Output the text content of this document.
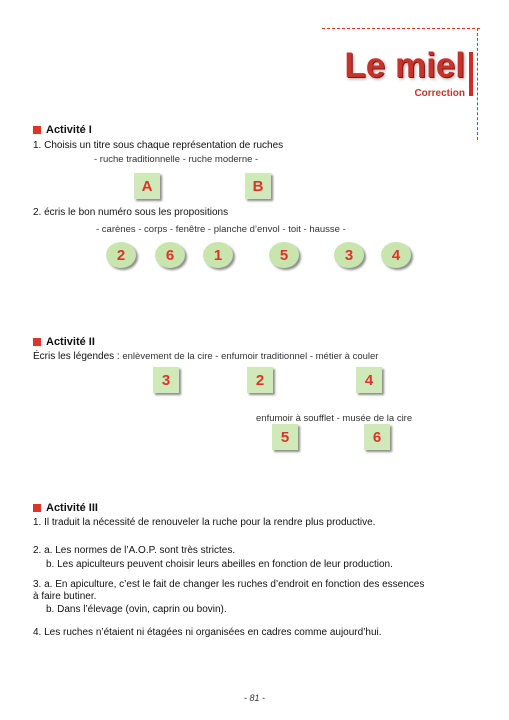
Le miel
Correction
Activité I
1. Choisis un titre sous chaque représentation de ruches
- ruche traditionnelle - ruche moderne -
A	B
2. écris le bon numéro sous les propositions
- carènes - corps - fenêtre - planche d’envol - toit - hausse -
2	6	1	5	3	4
Activité II
Écris les légendes : enlèvement de la cire - enfumoir traditionnel - métier à couler
3	2	4
enfumoir à soufflet - musée de la cire
5	6
Activité III
1. Il traduit la nécessité de renouveler la ruche pour la rendre plus productive.
2. a. Les normes de l’A.O.P. sont très strictes.
b. Les apiculteurs peuvent choisir leurs abeilles en fonction de leur production.
3. a. En apiculture, c’est le fait de changer les ruches d’endroit en fonction des essences
à faire butiner.
b. Dans l’élevage (ovin, caprin ou bovin).
4. Les ruches n’étaient ni étagées ni organisées en cadres comme aujourd’hui.
- 81 -
